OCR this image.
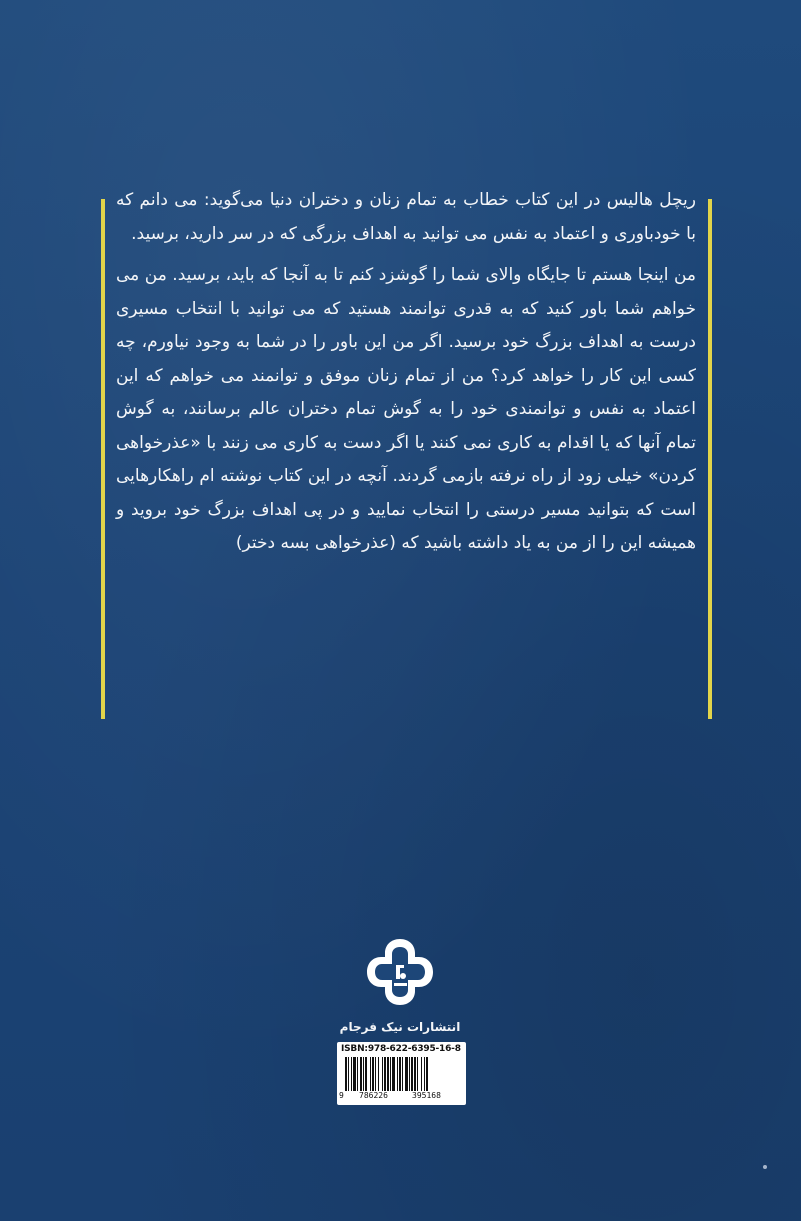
ریچل هالیس در این کتاب خطاب به تمام زنان و دختران دنیا می‌گوید: می دانم که با خودباوری و اعتماد به نفس می توانید به اهداف بزرگی که در سر دارید، برسید.

من اینجا هستم تا جایگاه والای شما را گوشزد کنم تا به آنجا که باید، برسید. من می خواهم شما باور کنید که به قدری توانمند هستید که می توانید با انتخاب مسیری درست به اهداف بزرگ خود برسید. اگر من این باور را در شما به وجود نیاورم، چه کسی این کار را خواهد کرد؟ من از تمام زنان موفق و توانمند می خواهم که این اعتماد به نفس و توانمندی خود را به گوش تمام دختران عالم برسانند، به گوش تمام آنها که یا اقدام به کاری نمی کنند یا اگر دست به کاری می زنند با «عذرخواهی کردن» خیلی زود از راه نرفته بازمی گردند. آنچه در این کتاب نوشته ام راهکارهایی است که بتوانید مسیر درستی را انتخاب نمایید و در پی اهداف بزرگ خود بروید و همیشه این را از من به یاد داشته باشید که (عذرخواهی بسه دختر)

انتشارات نیک فرجام
ISBN:978-622-6395-16-8
9 786226	395168
